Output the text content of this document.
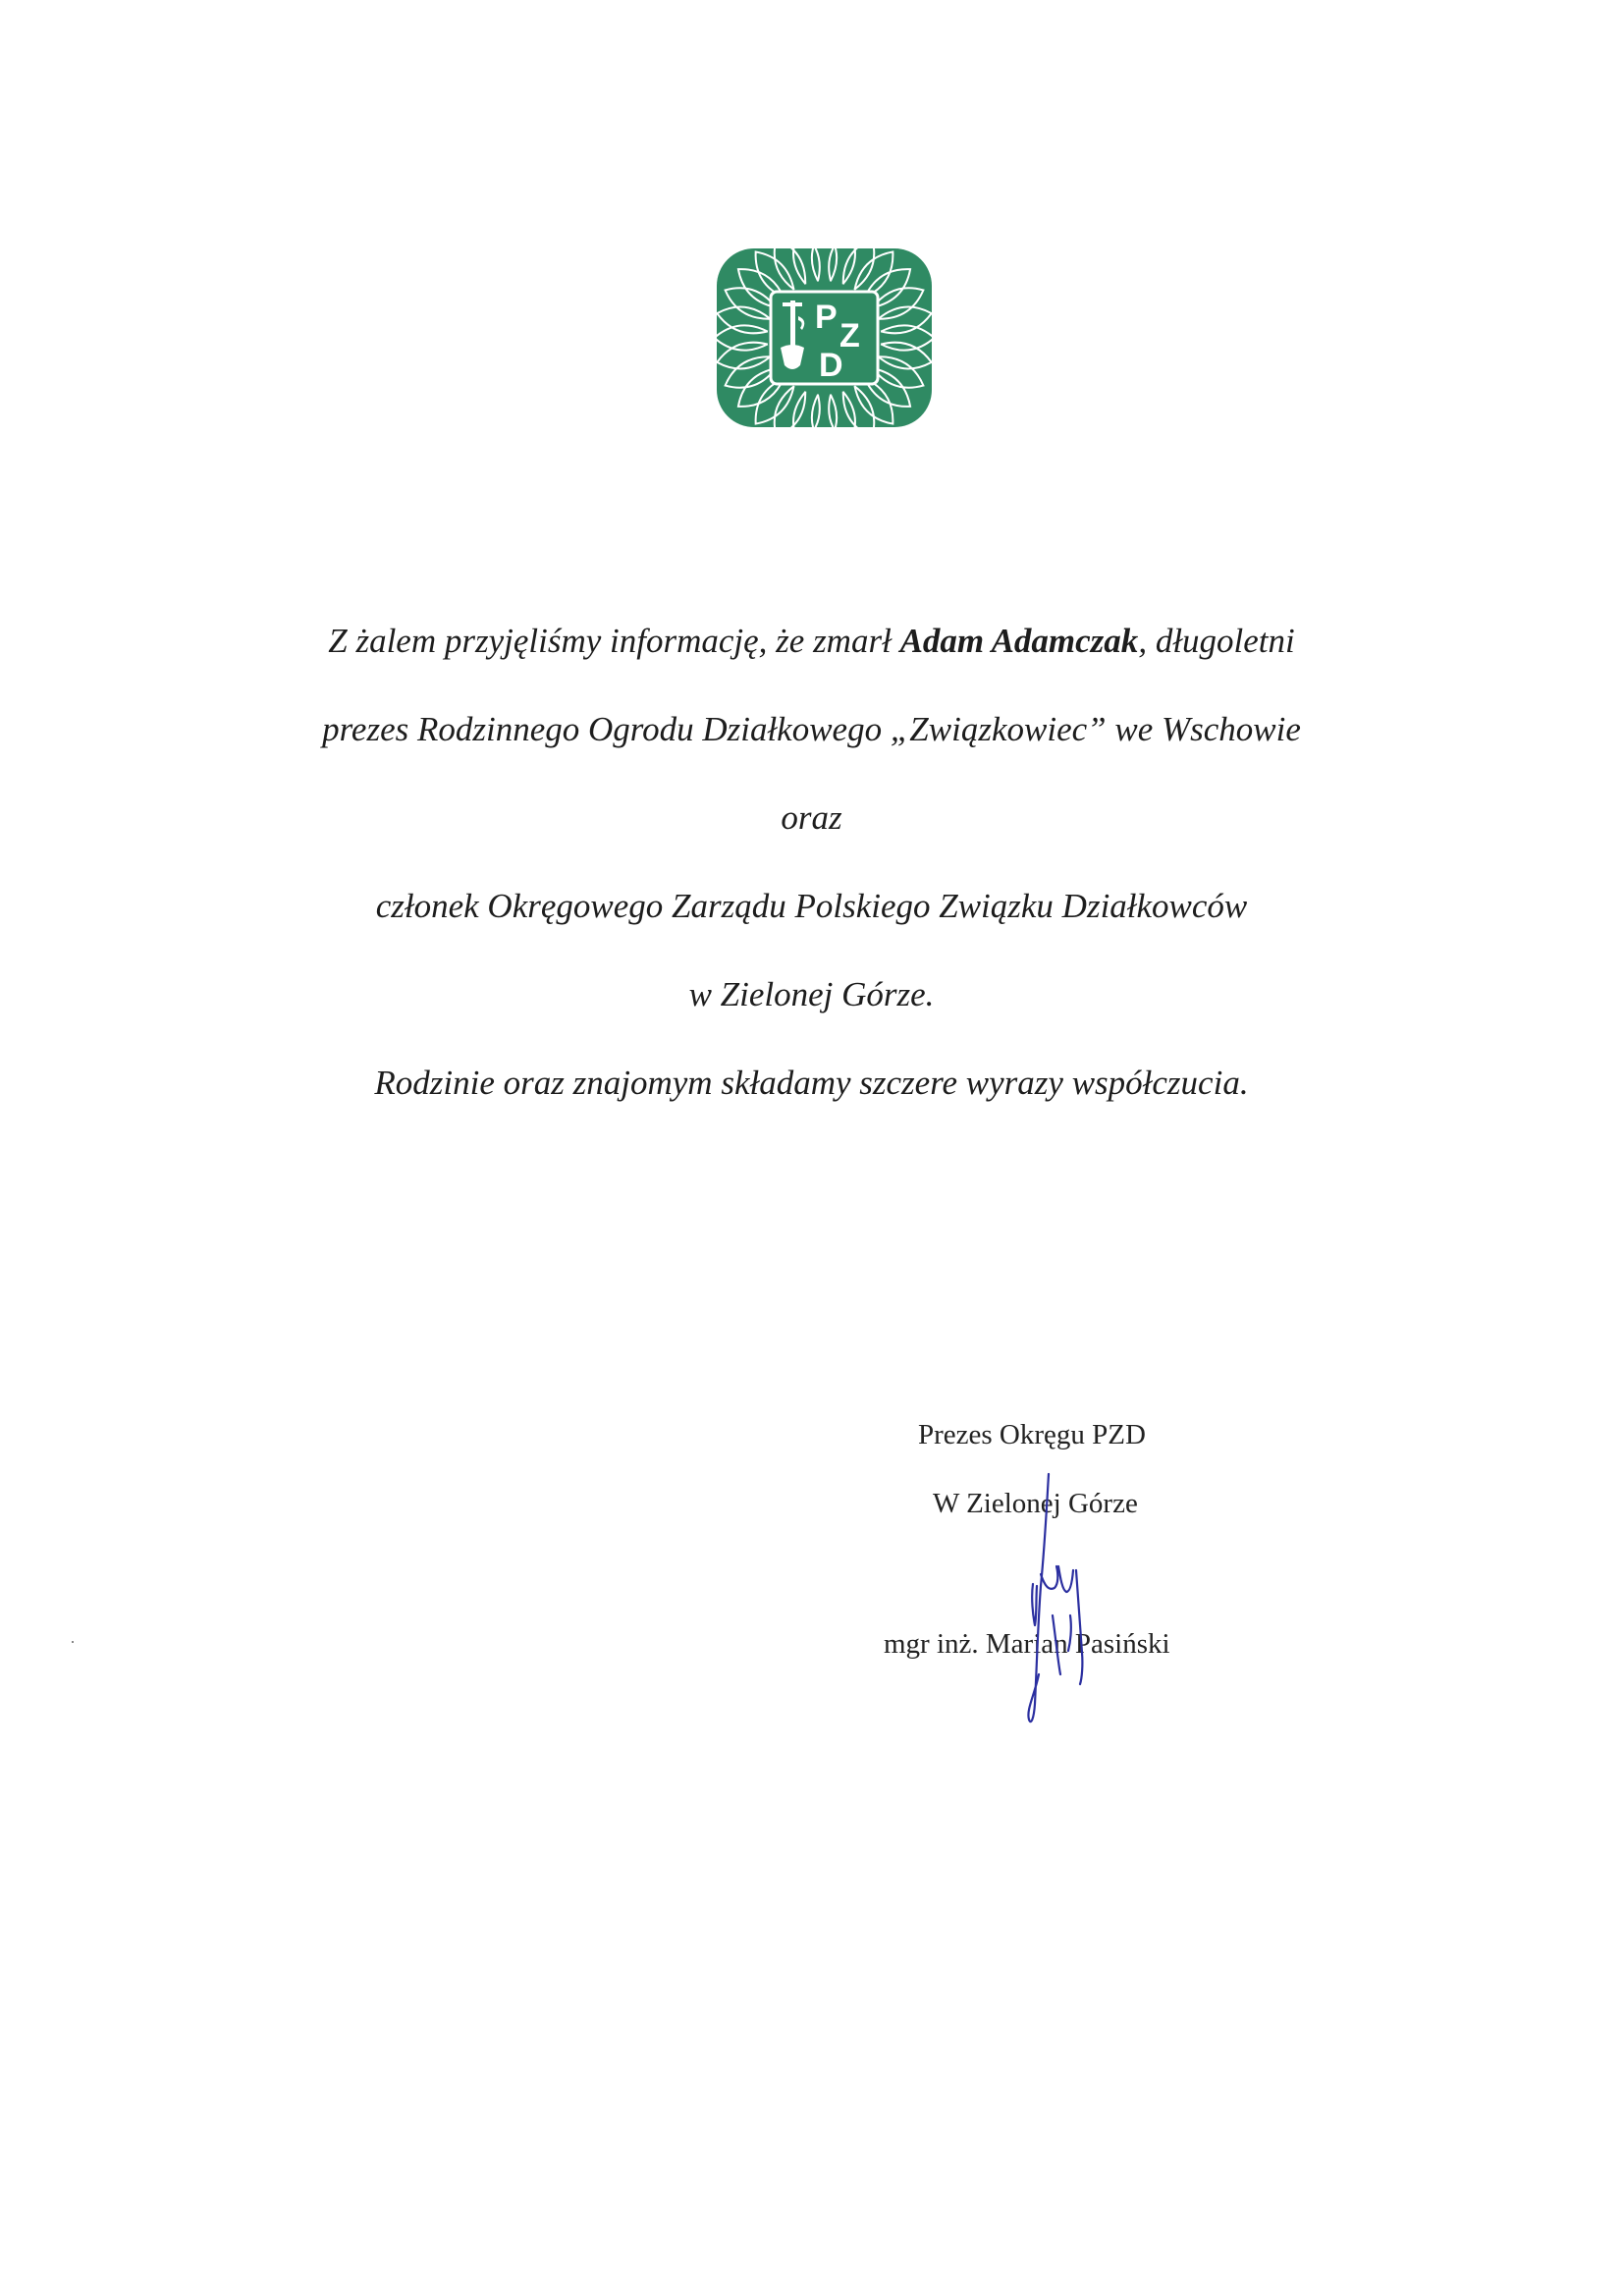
P Z
D
Z żalem przyjęliśmy informację, że zmarł Adam Adamczak, długoletni
prezes Rodzinnego Ogrodu Działkowego „Związkowiec” we Wschowie
oraz
członek Okręgowego Zarządu Polskiego Związku Działkowców
w Zielonej Górze.
Rodzinie oraz znajomym składamy szczere wyrazy współczucia.
Prezes Okręgu PZD
W Zielonej Górze
mgr inż. Marian Pasiński
